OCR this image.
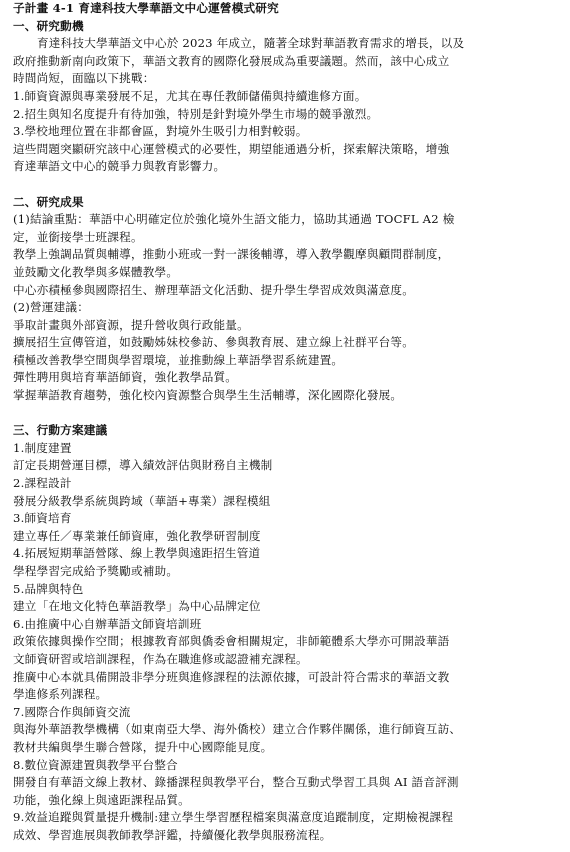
子計畫 4-1 育達科技大學華語文中心運營模式研究
一、研究動機
育達科技大學華語文中心於 2023 年成立，隨著全球對華語教育需求的增長，以及
政府推動新南向政策下，華語文教育的國際化發展成為重要議題。然而，該中心成立
時間尚短，面臨以下挑戰：
1.師資資源與專業發展不足，尤其在專任教師儲備與持續進修方面。
2.招生與知名度提升有待加強，特別是針對境外學生市場的競爭激烈。
3.學校地理位置在非都會區，對境外生吸引力相對較弱。
這些問題突顯研究該中心運營模式的必要性，期望能通過分析，探索解決策略，增強
育達華語文中心的競爭力與教育影響力。
二、研究成果
(1)結論重點：華語中心明確定位於強化境外生語文能力，協助其通過 TOCFL A2 檢
定，並銜接學士班課程。
教學上強調品質與輔導，推動小班或一對一課後輔導，導入教學觀摩與顧問群制度，
並鼓勵文化教學與多媒體教學。
中心亦積極參與國際招生、辦理華語文化活動、提升學生學習成效與滿意度。
(2)營運建議：
爭取計畫與外部資源，提升營收與行政能量。
擴展招生宣傳管道，如鼓勵姊妹校參訪、參與教育展、建立線上社群平台等。
積極改善教學空間與學習環境，並推動線上華語學習系統建置。
彈性聘用與培育華語師資，強化教學品質。
掌握華語教育趨勢，強化校內資源整合與學生生活輔導，深化國際化發展。
三、行動方案建議
1.制度建置
訂定長期營運目標，導入績效評估與財務自主機制
2.課程設計
發展分級教學系統與跨域（華語+專業）課程模組
3.師資培育
建立專任／專業兼任師資庫，強化教學研習制度
4.拓展短期華語營隊、線上教學與遠距招生管道
學程學習完成給予獎勵或補助。
5.品牌與特色
建立「在地文化特色華語教學」為中心品牌定位
6.由推廣中心自辦華語文師資培訓班
政策依據與操作空間；根據教育部與僑委會相關規定，非師範體系大學亦可開設華語
文師資研習或培訓課程，作為在職進修或認證補充課程。
推廣中心本就具備開設非學分班與進修課程的法源依據，可設計符合需求的華語文教
學進修系列課程。
7.國際合作與師資交流
與海外華語教學機構（如東南亞大學、海外僑校）建立合作夥伴關係，進行師資互訪、
教材共編與學生聯合營隊，提升中心國際能見度。
8.數位資源建置與教學平台整合
開發自有華語文線上教材、錄播課程與教學平台，整合互動式學習工具與 AI 語音評測
功能，強化線上與遠距課程品質。
9.效益追蹤與質量提升機制:建立學生學習歷程檔案與滿意度追蹤制度，定期檢視課程
成效、學習進展與教師教學評鑑，持續優化教學與服務流程。
